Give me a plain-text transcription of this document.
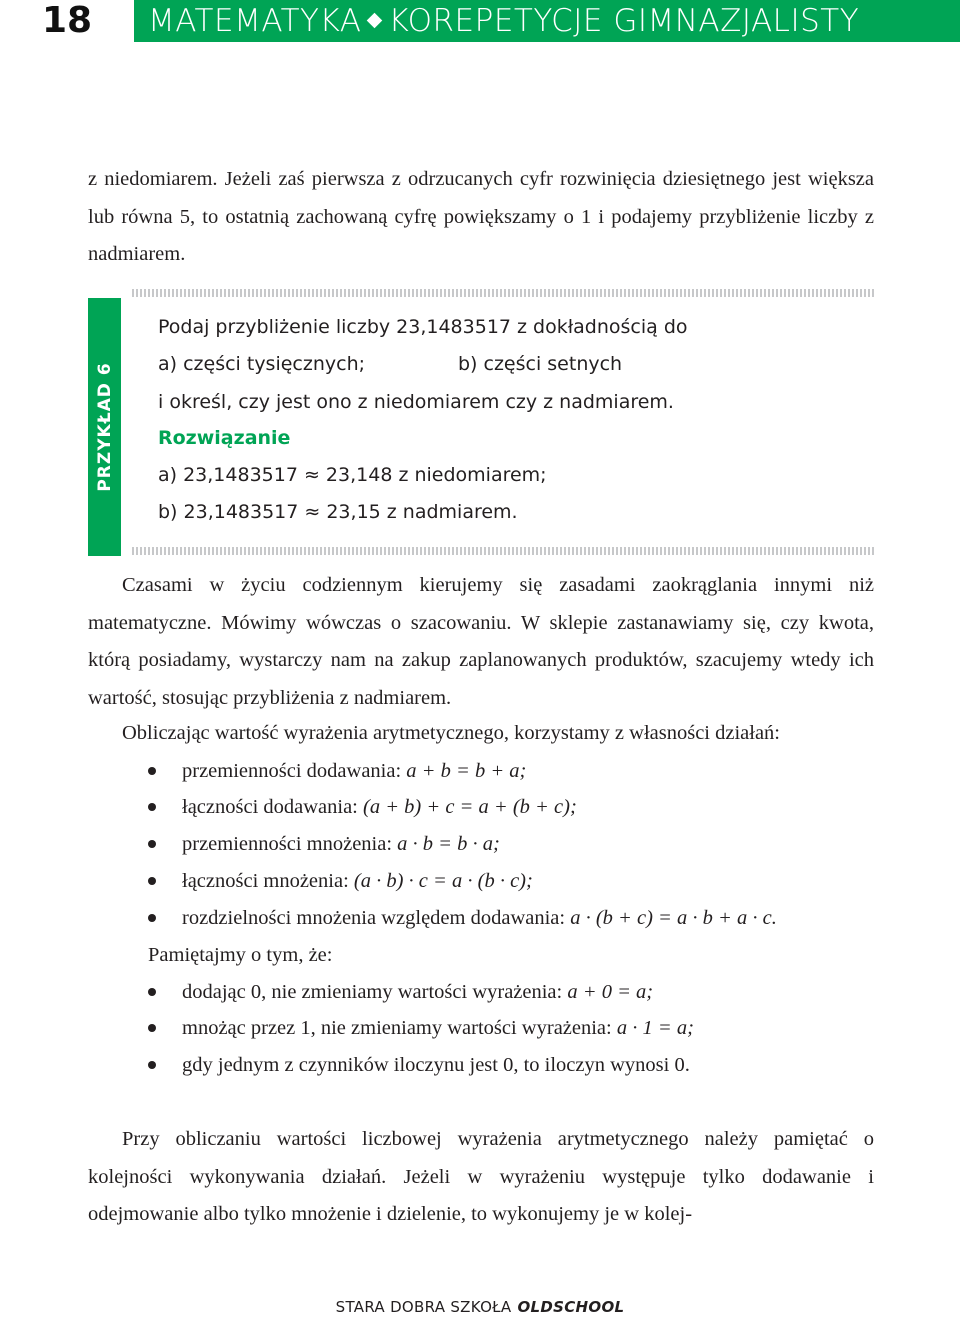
18	MATEMATYKA KOREPETYCJE GIMNAZJALISTY

z niedomiarem. Jeżeli zaś pierwsza z odrzucanych cyfr rozwinięcia dziesiętnego jest większa lub równa 5, to ostatnią zachowaną cyfrę powiększamy o 1 i podajemy przybliżenie liczby z nadmiarem.

PRZYKŁAD 6
Podaj przybliżenie liczby 23,1483517 z dokładnością do
a) części tysięcznych;	b) części setnych
i określ, czy jest ono z niedomiarem czy z nadmiarem.
Rozwiązanie
a) 23,1483517 ≈ 23,148 z niedomiarem;
b) 23,1483517 ≈ 23,15 z nadmiarem.

Czasami w życiu codziennym kierujemy się zasadami zaokrąglania innymi niż matematyczne. Mówimy wówczas o szacowaniu. W sklepie zastanawiamy się, czy kwota, którą posiadamy, wystarczy nam na zakup zaplanowanych produktów, szacujemy wtedy ich wartość, stosując przybliżenia z nadmiarem.

Obliczając wartość wyrażenia arytmetycznego, korzystamy z własności działań:

przemienności dodawania: a + b = b + a;
łączności dodawania: (a + b) + c = a + (b + c);
przemienności mnożenia: a · b = b · a;
łączności mnożenia: (a · b) · c = a · (b · c);
rozdzielności mnożenia względem dodawania: a · (b + c) = a · b + a · c.
Pamiętajmy o tym, że:
dodając 0, nie zmieniamy wartości wyrażenia: a + 0 = a;
mnożąc przez 1, nie zmieniamy wartości wyrażenia: a · 1 = a;
gdy jednym z czynników iloczynu jest 0, to iloczyn wynosi 0.

Przy obliczaniu wartości liczbowej wyrażenia arytmetycznego należy pamiętać o kolejności wykonywania działań. Jeżeli w wyrażeniu występuje tylko dodawanie i odejmowanie albo tylko mnożenie i dzielenie, to wykonujemy je w kolej-

STARA DOBRA SZKOŁA OLDSCHOOL
